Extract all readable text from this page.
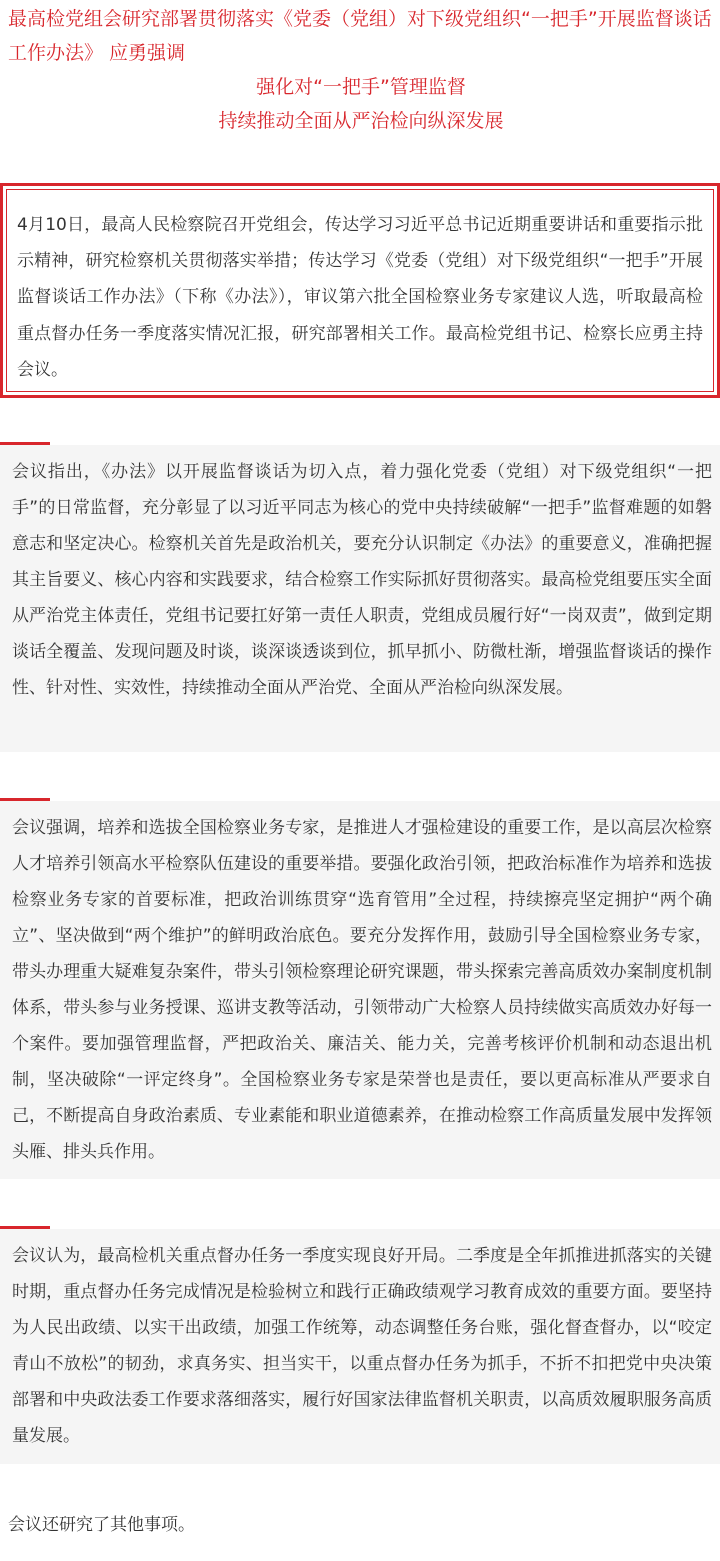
最高检党组会研究部署贯彻落实《党委（党组）对下级党组织“一把手”开展监督谈话工作办法》 应勇强调
强化对“一把手”管理监督
持续推动全面从严治检向纵深发展
4月10日，最高人民检察院召开党组会，传达学习习近平总书记近期重要讲话和重要指示批示精神，研究检察机关贯彻落实举措；传达学习《党委（党组）对下级党组织“一把手”开展监督谈话工作办法》（下称《办法》），审议第六批全国检察业务专家建议人选，听取最高检重点督办任务一季度落实情况汇报，研究部署相关工作。最高检党组书记、检察长应勇主持会议。
会议指出，《办法》以开展监督谈话为切入点，着力强化党委（党组）对下级党组织“一把手”的日常监督，充分彰显了以习近平同志为核心的党中央持续破解“一把手”监督难题的如磐意志和坚定决心。检察机关首先是政治机关，要充分认识制定《办法》的重要意义，准确把握其主旨要义、核心内容和实践要求，结合检察工作实际抓好贯彻落实。最高检党组要压实全面从严治党主体责任，党组书记要扛好第一责任人职责，党组成员履行好“一岗双责”，做到定期谈话全覆盖、发现问题及时谈，谈深谈透谈到位，抓早抓小、防微杜渐，增强监督谈话的操作性、针对性、实效性，持续推动全面从严治党、全面从严治检向纵深发展。
会议强调，培养和选拔全国检察业务专家，是推进人才强检建设的重要工作，是以高层次检察人才培养引领高水平检察队伍建设的重要举措。要强化政治引领，把政治标准作为培养和选拔检察业务专家的首要标准，把政治训练贯穿“选育管用”全过程，持续擦亮坚定拥护“两个确立”、坚决做到“两个维护”的鲜明政治底色。要充分发挥作用，鼓励引导全国检察业务专家，带头办理重大疑难复杂案件，带头引领检察理论研究课题，带头探索完善高质效办案制度机制体系，带头参与业务授课、巡讲支教等活动，引领带动广大检察人员持续做实高质效办好每一个案件。要加强管理监督，严把政治关、廉洁关、能力关，完善考核评价机制和动态退出机制，坚决破除“一评定终身”。全国检察业务专家是荣誉也是责任，要以更高标准从严要求自己，不断提高自身政治素质、专业素能和职业道德素养，在推动检察工作高质量发展中发挥领头雁、排头兵作用。
会议认为，最高检机关重点督办任务一季度实现良好开局。二季度是全年抓推进抓落实的关键时期，重点督办任务完成情况是检验树立和践行正确政绩观学习教育成效的重要方面。要坚持为人民出政绩、以实干出政绩，加强工作统筹，动态调整任务台账，强化督查督办，以“咬定青山不放松”的韧劲，求真务实、担当实干，以重点督办任务为抓手，不折不扣把党中央决策部署和中央政法委工作要求落细落实，履行好国家法律监督机关职责，以高质效履职服务高质量发展。
会议还研究了其他事项。
